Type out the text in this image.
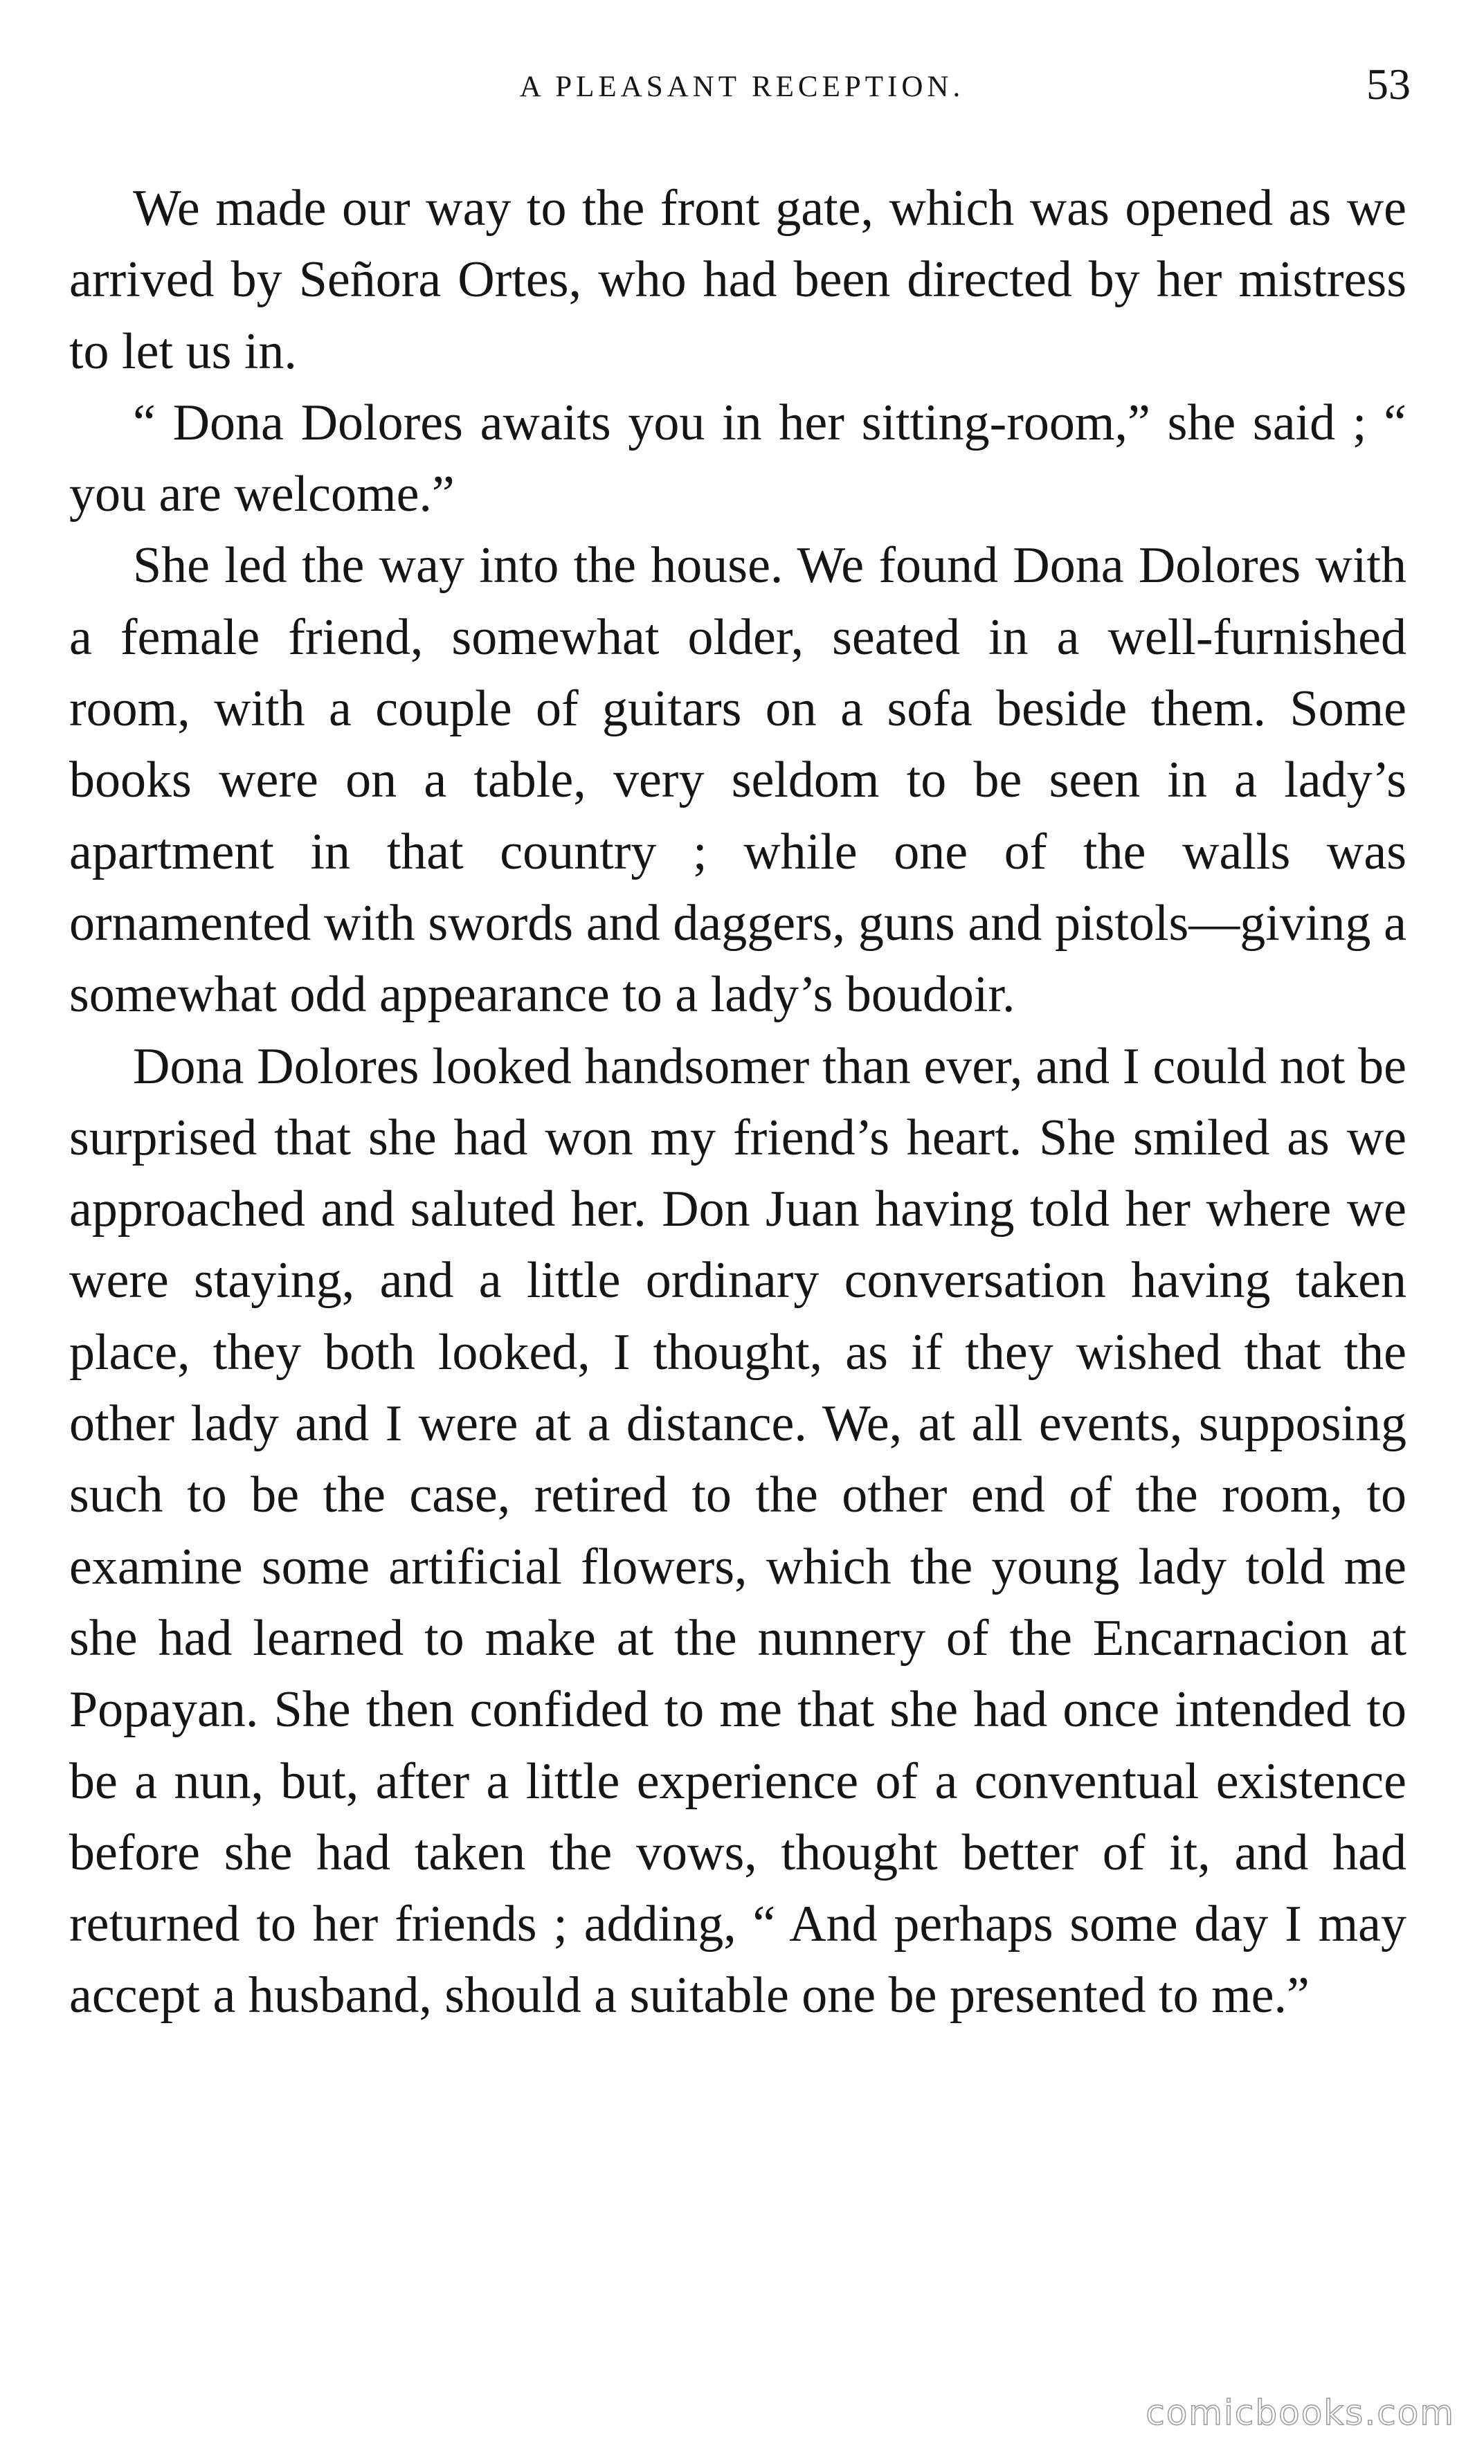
A PLEASANT RECEPTION.	53

We made our way to the front gate, which was opened as we arrived by Señora Ortes, who had been directed by her mistress to let us in.

“ Dona Dolores awaits you in her sitting-room,” she said ; “ you are welcome.”

She led the way into the house. We found Dona Dolores with a female friend, somewhat older, seated in a well-furnished room, with a couple of guitars on a sofa beside them. Some books were on a table, very seldom to be seen in a lady’s apartment in that country ; while one of the walls was ornamented with swords and daggers, guns and pistols—giving a somewhat odd appearance to a lady’s boudoir.

Dona Dolores looked handsomer than ever, and I could not be surprised that she had won my friend’s heart. She smiled as we approached and saluted her. Don Juan having told her where we were staying, and a little ordinary conversation having taken place, they both looked, I thought, as if they wished that the other lady and I were at a distance. We, at all events, supposing such to be the case, retired to the other end of the room, to examine some artificial flowers, which the young lady told me she had learned to make at the nunnery of the Encarnacion at Popayan. She then confided to me that she had once intended to be a nun, but, after a little experience of a conventual existence before she had taken the vows, thought better of it, and had returned to her friends ; adding, “ And perhaps some day I may accept a husband, should a suitable one be presented to me.”

comicbooks.com
